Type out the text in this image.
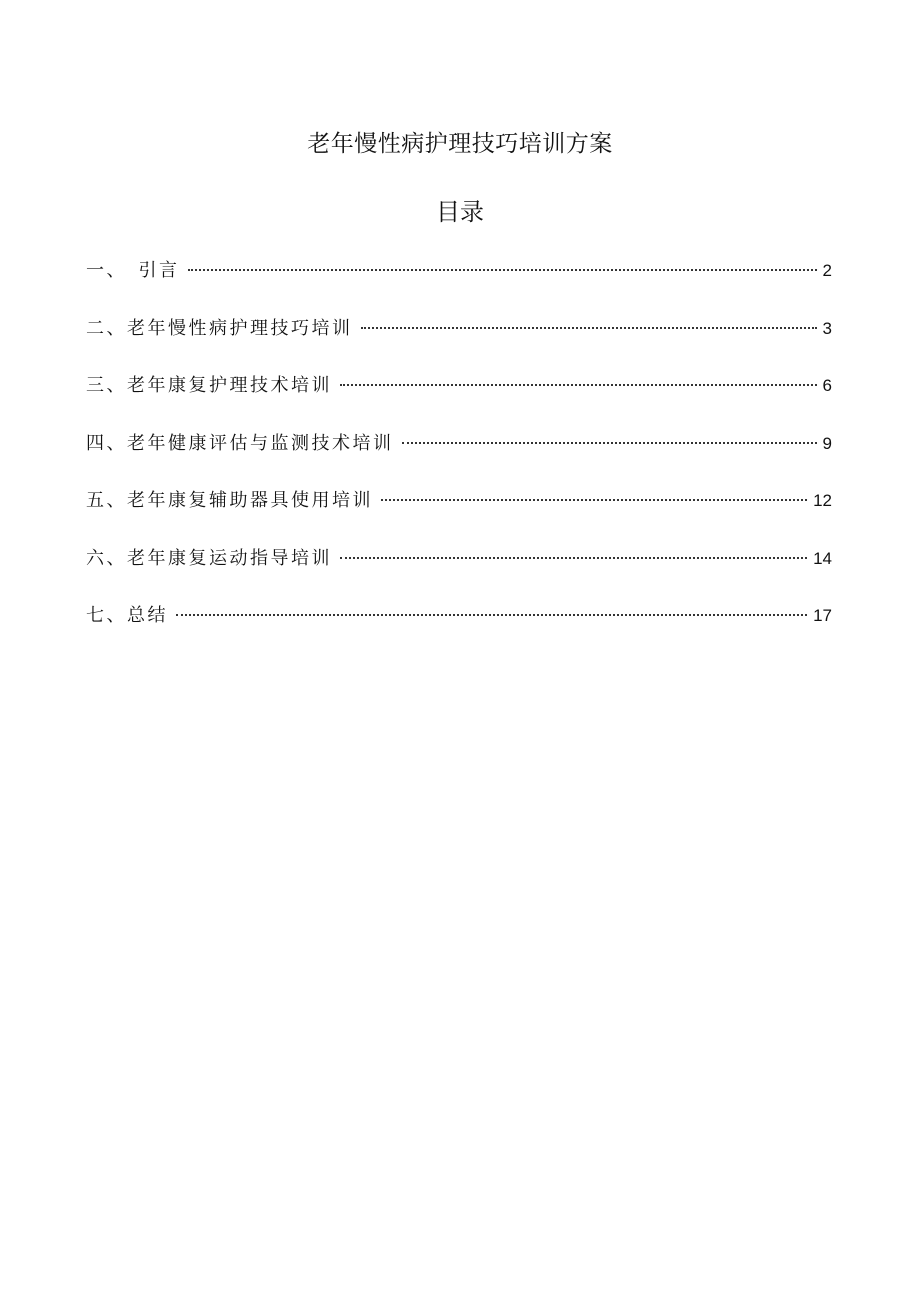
老年慢性病护理技巧培训方案
目录
一、　引言	2
二、老年慢性病护理技巧培训	3
三、老年康复护理技术培训	6
四、老年健康评估与监测技术培训	9
五、老年康复辅助器具使用培训	12
六、老年康复运动指导培训	14
七、总结	17
